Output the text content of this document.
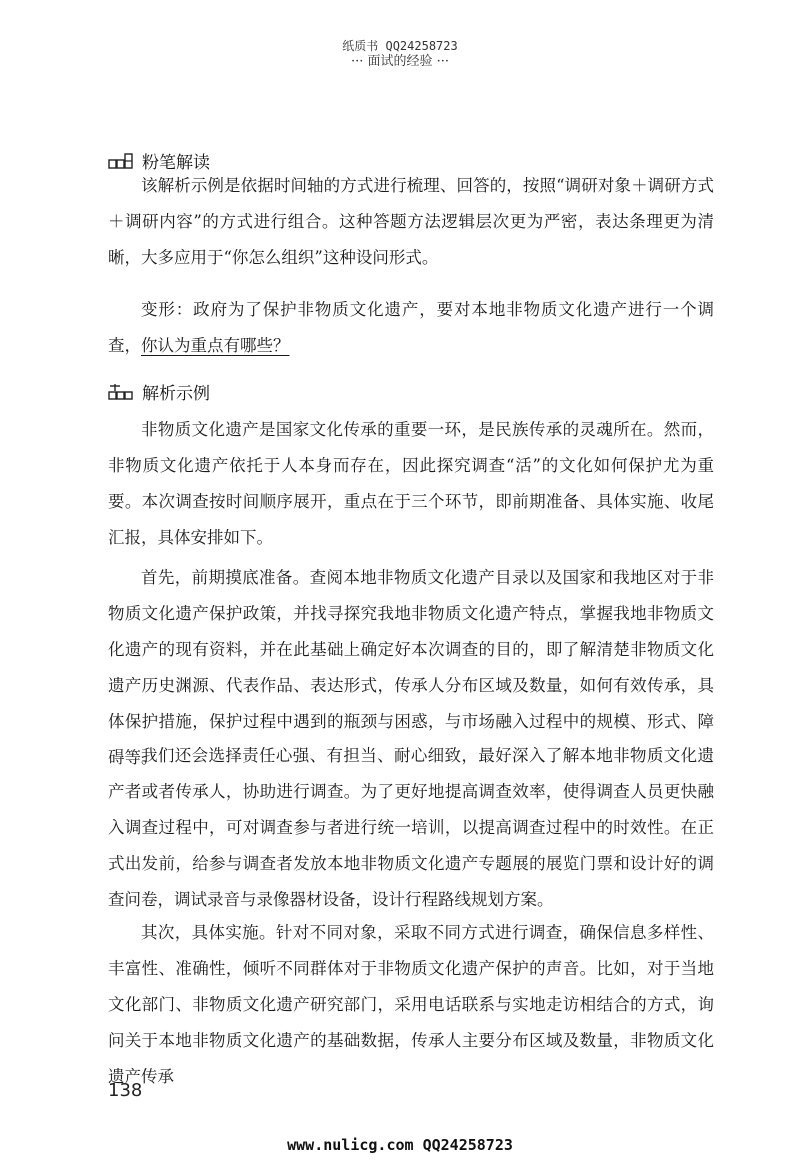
纸质书 QQ24258723
··· 面试的经验 ···
粉笔解读

该解析示例是依据时间轴的方式进行梳理、回答的，按照“调研对象＋调研方式＋调研内容”的方式进行组合。这种答题方法逻辑层次更为严密，表达条理更为清晰，大多应用于“你怎么组织”这种设问形式。

变形：政府为了保护非物质文化遗产，要对本地非物质文化遗产进行一个调查，你认为重点有哪些？

解析示例

非物质文化遗产是国家文化传承的重要一环，是民族传承的灵魂所在。然而，非物质文化遗产依托于人本身而存在，因此探究调查“活”的文化如何保护尤为重要。本次调查按时间顺序展开，重点在于三个环节，即前期准备、具体实施、收尾汇报，具体安排如下。

首先，前期摸底准备。查阅本地非物质文化遗产目录以及国家和我地区对于非物质文化遗产保护政策，并找寻探究我地非物质文化遗产特点，掌握我地非物质文化遗产的现有资料，并在此基础上确定好本次调查的目的，即了解清楚非物质文化遗产历史渊源、代表作品、表达形式，传承人分布区域及数量，如何有效传承，具体保护措施，保护过程中遇到的瓶颈与困惑，与市场融入过程中的规模、形式、障碍等。

我们还会选择责任心强、有担当、耐心细致，最好深入了解本地非物质文化遗产者或者传承人，协助进行调查。为了更好地提高调查效率，使得调查人员更快融入调查过程中，可对调查参与者进行统一培训，以提高调查过程中的时效性。在正式出发前，给参与调查者发放本地非物质文化遗产专题展的展览门票和设计好的调查问卷，调试录音与录像器材设备，设计行程路线规划方案。

其次，具体实施。针对不同对象，采取不同方式进行调查，确保信息多样性、丰富性、准确性，倾听不同群体对于非物质文化遗产保护的声音。比如，对于当地文化部门、非物质文化遗产研究部门，采用电话联系与实地走访相结合的方式，询问关于本地非物质文化遗产的基础数据，传承人主要分布区域及数量，非物质文化遗产传承

138
www.nulicg.com QQ24258723
